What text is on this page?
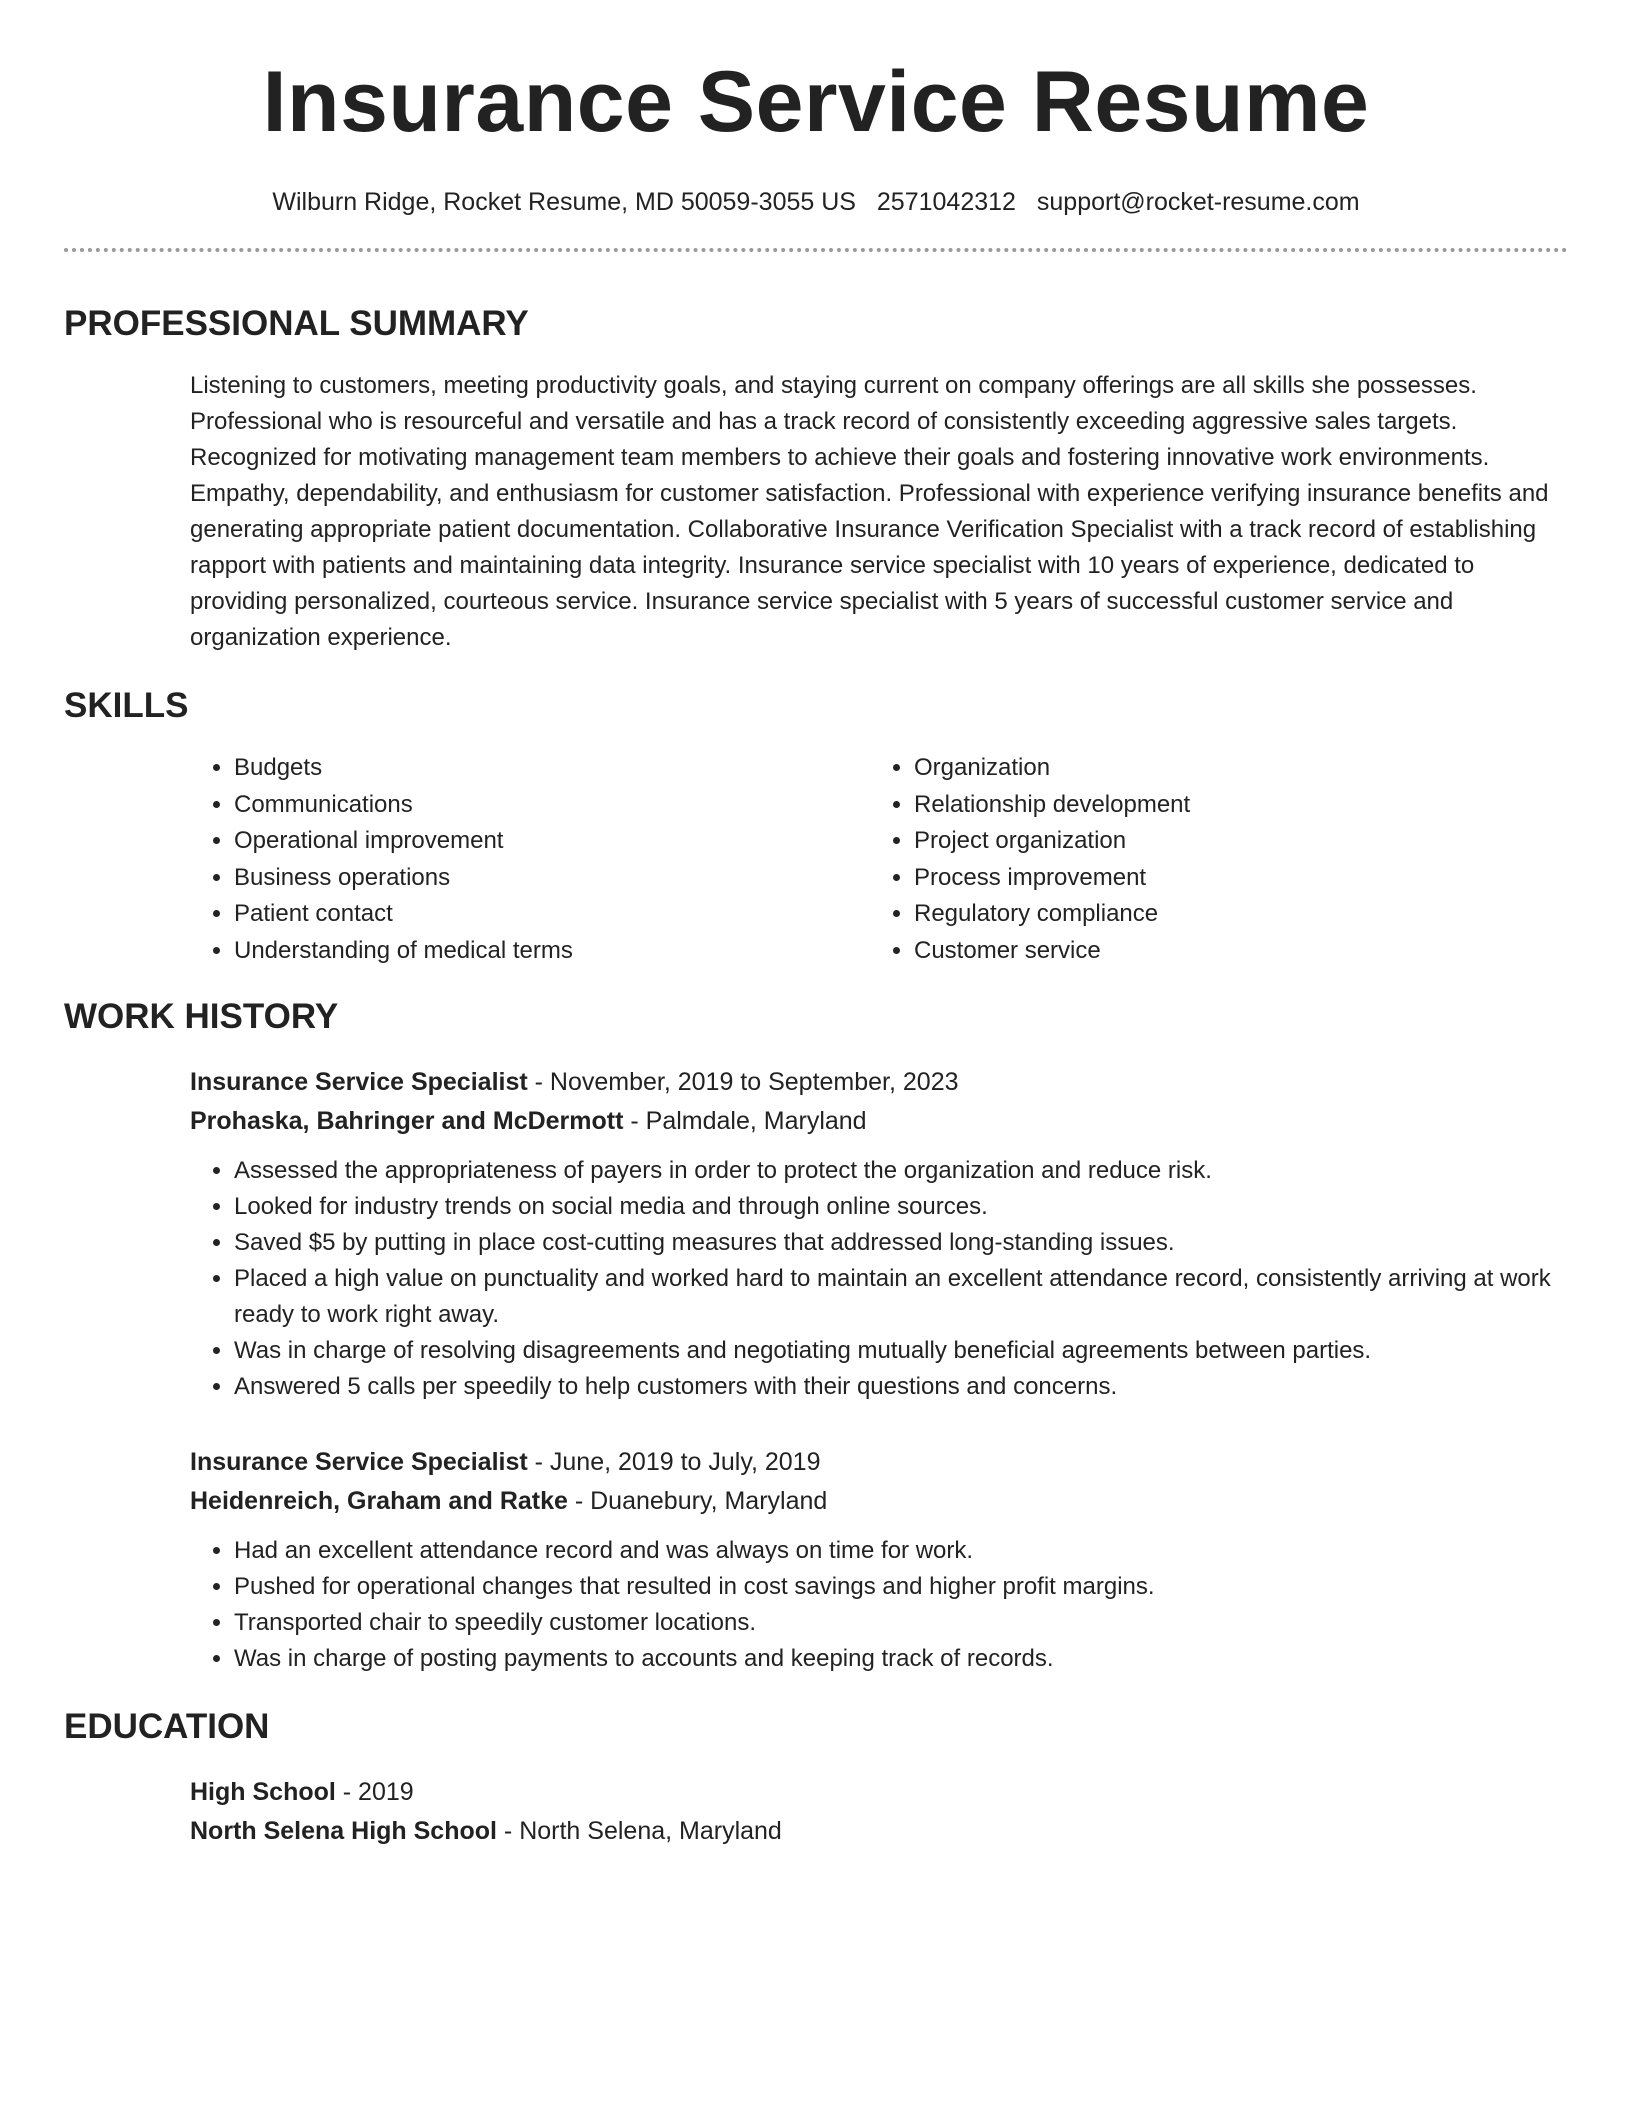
Insurance Service Resume
Wilburn Ridge, Rocket Resume, MD 50059-3055 US 2571042312 support@rocket-resume.com
PROFESSIONAL SUMMARY
Listening to customers, meeting productivity goals, and staying current on company offerings are all skills she possesses. Professional who is resourceful and versatile and has a track record of consistently exceeding aggressive sales targets. Recognized for motivating management team members to achieve their goals and fostering innovative work environments. Empathy, dependability, and enthusiasm for customer satisfaction. Professional with experience verifying insurance benefits and generating appropriate patient documentation. Collaborative Insurance Verification Specialist with a track record of establishing rapport with patients and maintaining data integrity. Insurance service specialist with 10 years of experience, dedicated to providing personalized, courteous service. Insurance service specialist with 5 years of successful customer service and organization experience.
SKILLS
• Budgets
• Communications
• Operational improvement
• Business operations
• Patient contact
• Understanding of medical terms
• Organization
• Relationship development
• Project organization
• Process improvement
• Regulatory compliance
• Customer service
WORK HISTORY
Insurance Service Specialist - November, 2019 to September, 2023
Prohaska, Bahringer and McDermott - Palmdale, Maryland
• Assessed the appropriateness of payers in order to protect the organization and reduce risk.
• Looked for industry trends on social media and through online sources.
• Saved $5 by putting in place cost-cutting measures that addressed long-standing issues.
• Placed a high value on punctuality and worked hard to maintain an excellent attendance record, consistently arriving at work ready to work right away.
• Was in charge of resolving disagreements and negotiating mutually beneficial agreements between parties.
• Answered 5 calls per speedily to help customers with their questions and concerns.
Insurance Service Specialist - June, 2019 to July, 2019
Heidenreich, Graham and Ratke - Duanebury, Maryland
• Had an excellent attendance record and was always on time for work.
• Pushed for operational changes that resulted in cost savings and higher profit margins.
• Transported chair to speedily customer locations.
• Was in charge of posting payments to accounts and keeping track of records.
EDUCATION
High School - 2019
North Selena High School - North Selena, Maryland
